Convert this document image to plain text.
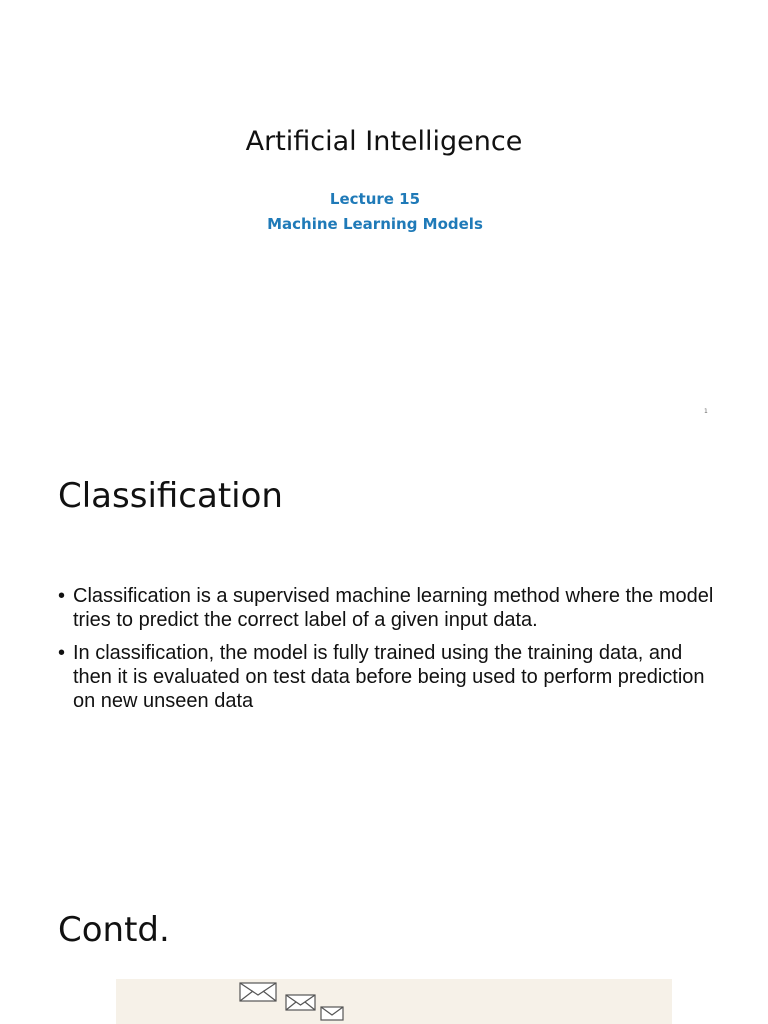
Artificial Intelligence
Lecture 15
Machine Learning Models
1
Classification
• Classification is a supervised machine learning method where the model tries to predict the correct label of a given input data.
• In classification, the model is fully trained using the training data, and then it is evaluated on test data before being used to perform prediction on new unseen data
Contd.
